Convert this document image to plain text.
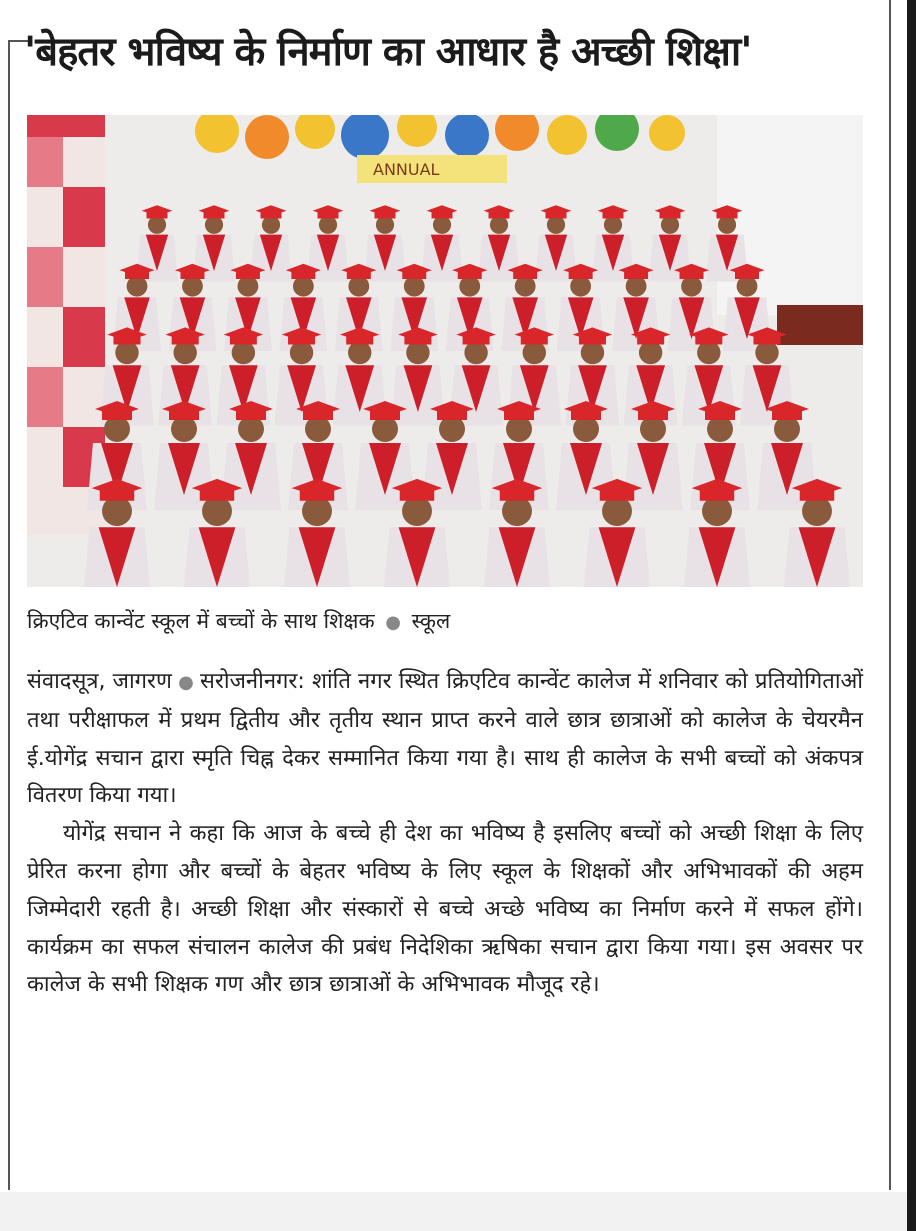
'बेहतर भविष्य के निर्माण का आधार है अच्छी शिक्षा'
ANNUAL
क्रिएटिव कान्वेंट स्कूल में बच्चों के साथ शिक्षक ● स्कूल

संवादसूत्र, जागरण ● सरोजनीनगर: शांति नगर स्थित क्रिएटिव कान्वेंट कालेज में शनिवार को प्रतियोगिताओं तथा परीक्षाफल में प्रथम द्वितीय और तृतीय स्थान प्राप्त करने वाले छात्र छात्राओं को कालेज के चेयरमैन ई.योगेंद्र सचान द्वारा स्मृति चिह्न देकर सम्मानित किया गया है। साथ ही कालेज के सभी बच्चों को अंकपत्र वितरण किया गया।

योगेंद्र सचान ने कहा कि आज के बच्चे ही देश का भविष्य है इसलिए बच्चों को अच्छी शिक्षा के लिए प्रेरित करना होगा और बच्चों के बेहतर भविष्य के लिए स्कूल के शिक्षकों और अभिभावकों की अहम जिम्मेदारी रहती है। अच्छी शिक्षा और संस्कारों से बच्चे अच्छे भविष्य का निर्माण करने में सफल होंगे। कार्यक्रम का सफल संचालन कालेज की प्रबंध निदेशिका ऋषिका सचान द्वारा किया गया। इस अवसर पर कालेज के सभी शिक्षक गण और छात्र छात्राओं के अभिभावक मौजूद रहे।
